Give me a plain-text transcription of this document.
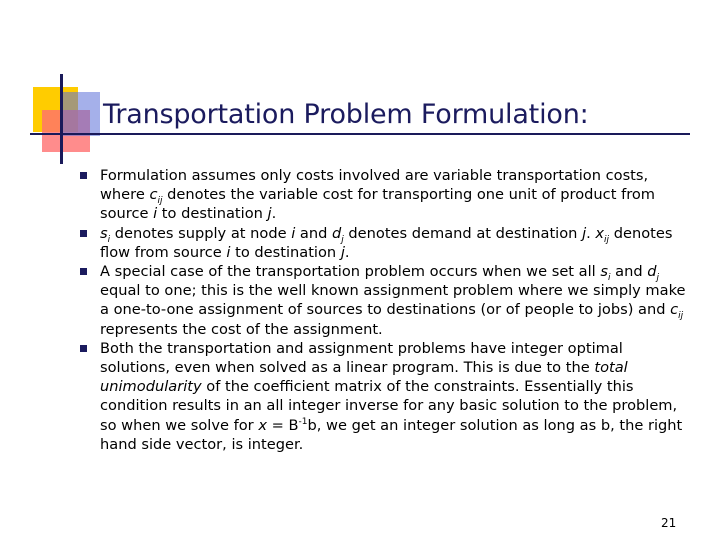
Transportation Problem Formulation:
Formulation assumes only costs involved are variable transportation costs, where $c_{ij}$ denotes the variable cost for transporting one unit of product from source i to destination j.
$s_i$ denotes supply at node i and $d_j$ denotes demand at destination j. $x_{ij}$ denotes flow from source i to destination j.
A special case of the transportation problem occurs when we set all $s_i$ and $d_j$ equal to one; this is the well known assignment problem where we simply make a one-to-one assignment of sources to destinations (or of people to jobs) and $c_{ij}$ represents the cost of the assignment.
Both the transportation and assignment problems have integer optimal solutions, even when solved as a linear program. This is due to the total unimodularity of the coefficient matrix of the constraints. Essentially this condition results in an all integer inverse for any basic solution to the problem, so when we solve for $x = B^{-1}b$, we get an integer solution as long as b, the right hand side vector, is integer.
21
